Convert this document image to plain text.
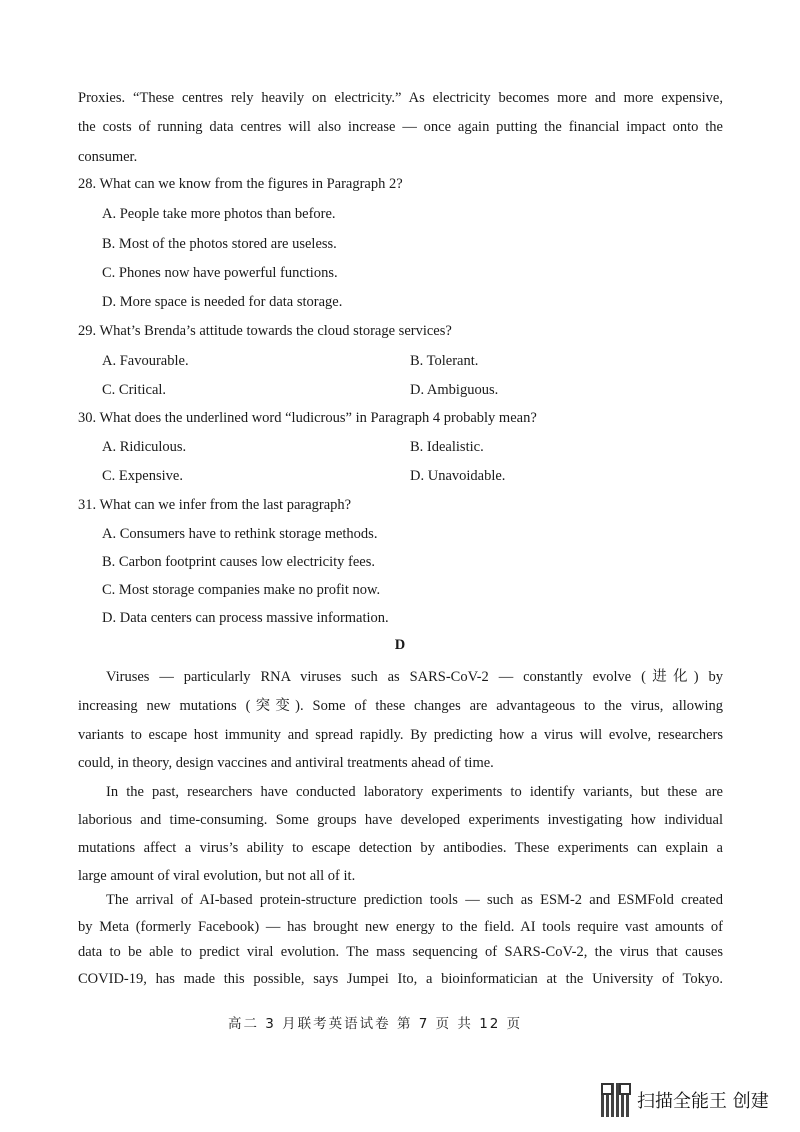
Proxies. “These centres rely heavily on electricity.” As electricity becomes more and more expensive,
the costs of running data centres will also increase — once again putting the financial impact onto the
consumer.
28. What can we know from the figures in Paragraph 2?
A. People take more photos than before.
B. Most of the photos stored are useless.
C. Phones now have powerful functions.
D. More space is needed for data storage.
29. What’s Brenda’s attitude towards the cloud storage services?
A. Favourable.	B. Tolerant.
C. Critical.	D. Ambiguous.
30. What does the underlined word “ludicrous” in Paragraph 4 probably mean?
A. Ridiculous.	B. Idealistic.
C. Expensive.	D. Unavoidable.
31. What can we infer from the last paragraph?
A. Consumers have to rethink storage methods.
B. Carbon footprint causes low electricity fees.
C. Most storage companies make no profit now.
D. Data centers can process massive information.
D
Viruses — particularly RNA viruses such as SARS-CoV-2 — constantly evolve (进化) by
increasing new mutations (突变). Some of these changes are advantageous to the virus, allowing
variants to escape host immunity and spread rapidly. By predicting how a virus will evolve, researchers
could, in theory, design vaccines and antiviral treatments ahead of time.
In the past, researchers have conducted laboratory experiments to identify variants, but these are
laborious and time-consuming. Some groups have developed experiments investigating how individual
mutations affect a virus’s ability to escape detection by antibodies. These experiments can explain a
large amount of viral evolution, but not all of it.
The arrival of AI-based protein-structure prediction tools — such as ESM-2 and ESMFold created
by Meta (formerly Facebook) — has brought new energy to the field. AI tools require vast amounts of
data to be able to predict viral evolution. The mass sequencing of SARS-CoV-2, the virus that causes
COVID-19, has made this possible, says Jumpei Ito, a bioinformatician at the University of Tokyo.
高二 3 月联考英语试卷 第 7 页 共 12 页
扫描全能王 创建
